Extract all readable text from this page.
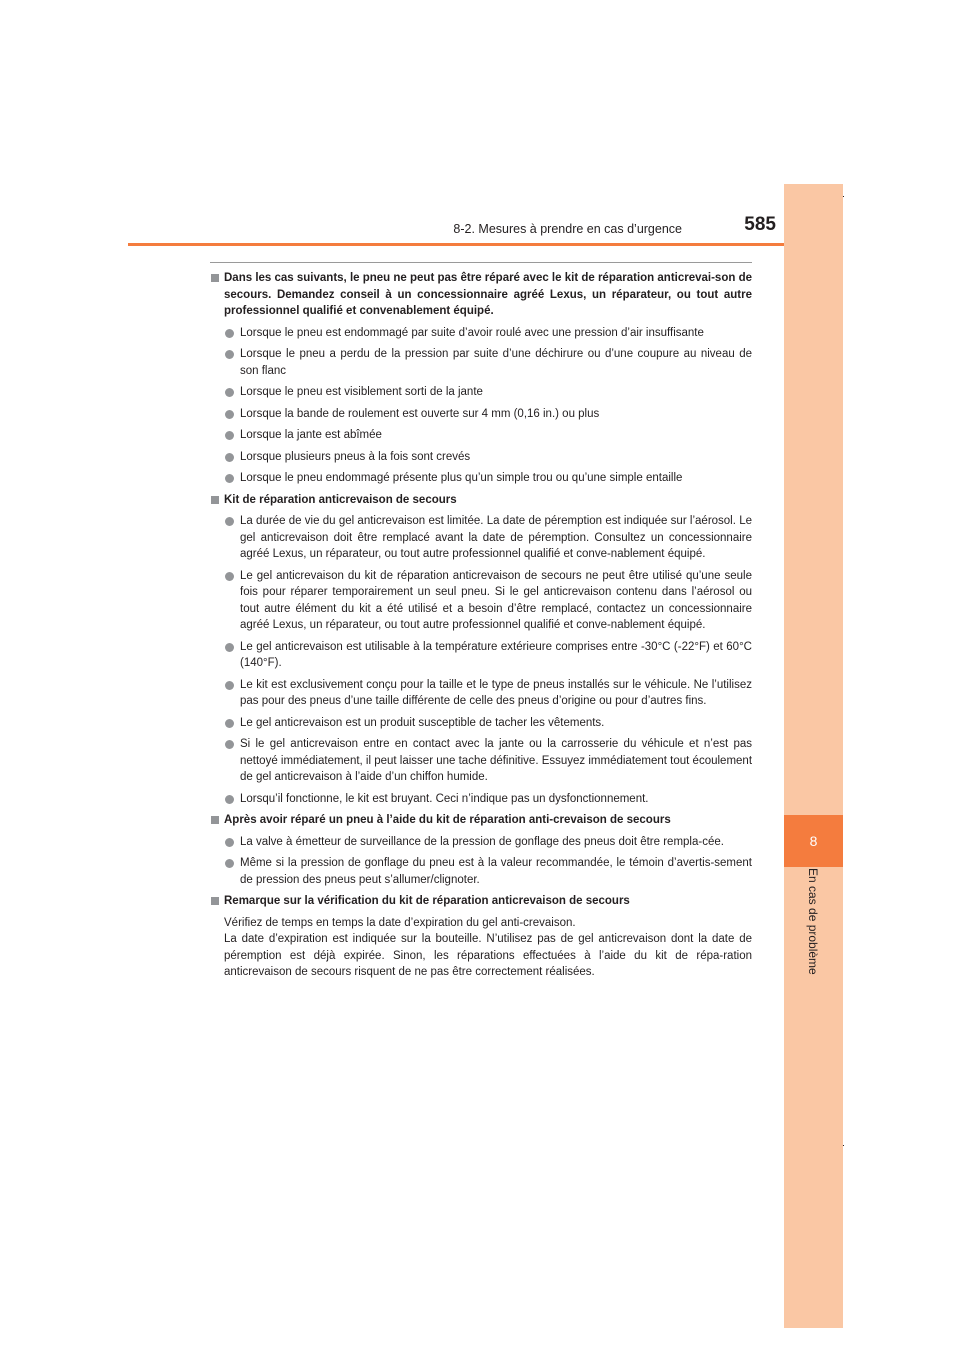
8
En cas de problème
8-2. Mesures à prendre en cas d’urgence	585
Dans les cas suivants, le pneu ne peut pas être réparé avec le kit de réparation anticrevai-son de secours. Demandez conseil à un concessionnaire agréé Lexus, un réparateur, ou tout autre professionnel qualifié et convenablement équipé.
Lorsque le pneu est endommagé par suite d’avoir roulé avec une pression d’air insuffisante
Lorsque le pneu a perdu de la pression par suite d’une déchirure ou d’une coupure au niveau de son flanc
Lorsque le pneu est visiblement sorti de la jante
Lorsque la bande de roulement est ouverte sur 4 mm (0,16 in.) ou plus
Lorsque la jante est abîmée
Lorsque plusieurs pneus à la fois sont crevés
Lorsque le pneu endommagé présente plus qu’un simple trou ou qu’une simple entaille
Kit de réparation anticrevaison de secours
La durée de vie du gel anticrevaison est limitée. La date de péremption est indiquée sur l’aérosol. Le gel anticrevaison doit être remplacé avant la date de péremption. Consultez un concessionnaire agréé Lexus, un réparateur, ou tout autre professionnel qualifié et conve-nablement équipé.
Le gel anticrevaison du kit de réparation anticrevaison de secours ne peut être utilisé qu’une seule fois pour réparer temporairement un seul pneu. Si le gel anticrevaison contenu dans l’aérosol ou tout autre élément du kit a été utilisé et a besoin d’être remplacé, contactez un concessionnaire agréé Lexus, un réparateur, ou tout autre professionnel qualifié et conve-nablement équipé.
Le gel anticrevaison est utilisable à la température extérieure comprises entre -30°C (-22°F) et 60°C (140°F).
Le kit est exclusivement conçu pour la taille et le type de pneus installés sur le véhicule. Ne l’utilisez pas pour des pneus d’une taille différente de celle des pneus d’origine ou pour d’autres fins.
Le gel anticrevaison est un produit susceptible de tacher les vêtements.
Si le gel anticrevaison entre en contact avec la jante ou la carrosserie du véhicule et n’est pas nettoyé immédiatement, il peut laisser une tache définitive. Essuyez immédiatement tout écoulement de gel anticrevaison à l’aide d’un chiffon humide.
Lorsqu’il fonctionne, le kit est bruyant. Ceci n’indique pas un dysfonctionnement.
Après avoir réparé un pneu à l’aide du kit de réparation anti-crevaison de secours
La valve à émetteur de surveillance de la pression de gonflage des pneus doit être rempla-cée.
Même si la pression de gonflage du pneu est à la valeur recommandée, le témoin d’avertis-sement de pression des pneus peut s’allumer/clignoter.
Remarque sur la vérification du kit de réparation anticrevaison de secours
Vérifiez de temps en temps la date d’expiration du gel anti-crevaison.
La date d’expiration est indiquée sur la bouteille. N’utilisez pas de gel anticrevaison dont la date de péremption est déjà expirée. Sinon, les réparations effectuées à l’aide du kit de répa-ration anticrevaison de secours risquent de ne pas être correctement réalisées.
